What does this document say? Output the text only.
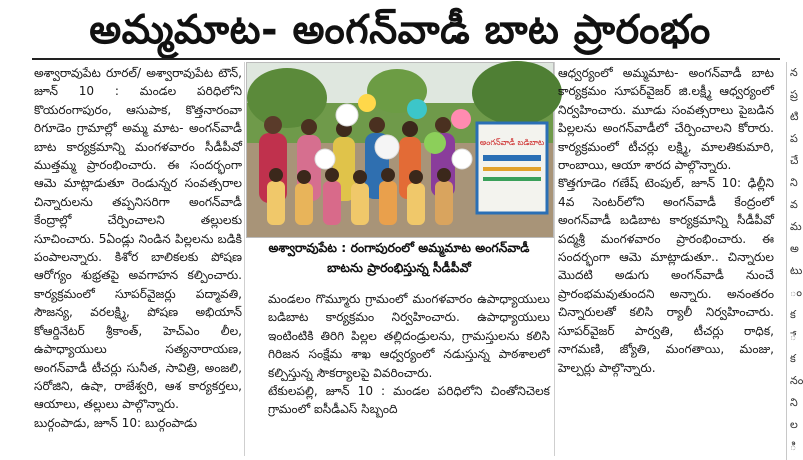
అమ్మమాట- అంగన్‌వాడీ బాట ప్రారంభం

అశ్వారావుపేట రూరల్‌/ అశ్వారావుపేట టౌన్‌, జూన్‌ 10 : మండల పరిధిలోని కొయరంగాపురం, ఆసుపాక, కొత్తనారంవా రిగూడెం గ్రామాల్లో అమ్మ మాట- అంగన్‌వాడీ బాట కార్యక్రమాన్ని మంగళవారం సీడీపీవో ముత్తమ్మ ప్రారంభించారు. ఈ సందర్భంగా ఆమె మాట్లాడుతూ రెండున్నర సంవత్సరాల చిన్నారులను తప్పనిసరిగా అంగన్‌వాడీ కేంద్రాల్లో చేర్పించాలని తల్లులకు సూచించారు. 5ఏండ్లు నిండిన పిల్లలను బడికి పంపాలన్నారు. కిశోర బాలికలకు పోషణ ఆరోగ్యం శుభ్రతపై అవగాహన కల్పించారు. కార్యక్రమంలో సూపర్‌వైజర్లు పద్మావతి, సౌజన్య, వరలక్ష్మి, పోషణ అభియాన్‌ కోఆర్డినేటర్‌ శ్రీకాంత్‌, హెచ్‌ఎం లీల, ఉపాధ్యాయులు సత్యనారాయణ, అంగన్‌వాడీ టీచర్లు సునీత, సావిత్రి, అంజలి, సరోజిని, ఉషా, రాజేశ్వరి, ఆశ కార్యకర్తలు, ఆయాలు, తల్లులు పాల్గొన్నారు.

బుర్గంపాడు, జూన్‌ 10: బుర్గంపాడు

అంగన్‌వాడీ బడిబాట
అశ్వారావుపేట : రంగాపురంలో అమ్మమాట అంగన్‌వాడీ
బాటను ప్రారంభిస్తున్న సీడీపీవో

మండలం గొమ్మూరు గ్రామంలో మంగళవారం ఉపాధ్యాయులు బడిబాట కార్యక్రమం నిర్వహించారు. ఉపాధ్యాయులు ఇంటింటికి తిరిగి పిల్లల తల్లిదండ్రులను, గ్రామస్తులను కలిసి గిరిజన సంక్షేమ శాఖ ఆధ్వర్యంలో నడుస్తున్న పాఠశాలలో కల్పిస్తున్న సౌకర్యాలపై వివరించారు.

టేకులపల్లి, జూన్‌ 10 : మండల పరిధిలోని చింతోనిచెలక గ్రామంలో ఐసీడీఎస్‌ సిబ్బంది

ఆధ్వర్యంలో అమ్మమాట- అంగన్‌వాడీ బాట కార్యక్రమం సూపర్‌వైజర్‌ జి.లక్ష్మీ ఆధ్వర్యంలో నిర్వహించారు. మూడు సంవత్సరాలు పైబడిన పిల్లలను అంగన్‌వాడీలో చేర్పించాలని కోరారు. కార్యక్రమంలో టీచర్లు లక్ష్మి, మాలతికుమారి, రాంబాయి, ఆయా శారద పాల్గొన్నారు.

కొత్తగూడెం గణేష్‌ టెంపుల్‌, జూన్‌ 10: ఢిల్లీని 4వ సెంటర్‌లోని అంగన్‌వాడీ కేంద్రంలో అంగన్‌వాడీ బడిబాట కార్యక్రమాన్ని సీడీపీవో పద్మశ్రీ మంగళవారం ప్రారంభించారు. ఈ సందర్భంగా ఆమె మాట్లాడుతూ.. చిన్నారుల మొదటి అడుగు అంగన్‌వాడీ నుంచే ప్రారంభమవుతుందని అన్నారు. అనంతరం చిన్నారులతో కలిసి ర్యాలీ నిర్వహించారు. సూపర్‌వైజర్‌ పార్వతి, టీచర్లు రాధిక, నాగమణి, జ్యోతి, మంగతాయి, మంజు, హెల్పర్లు పాల్గొన్నారు.

న
ప్ర
టి
ప
చే
ని
వ
మ
అ
టు
ం
క
ే
క
నం
ని
ల
ి
